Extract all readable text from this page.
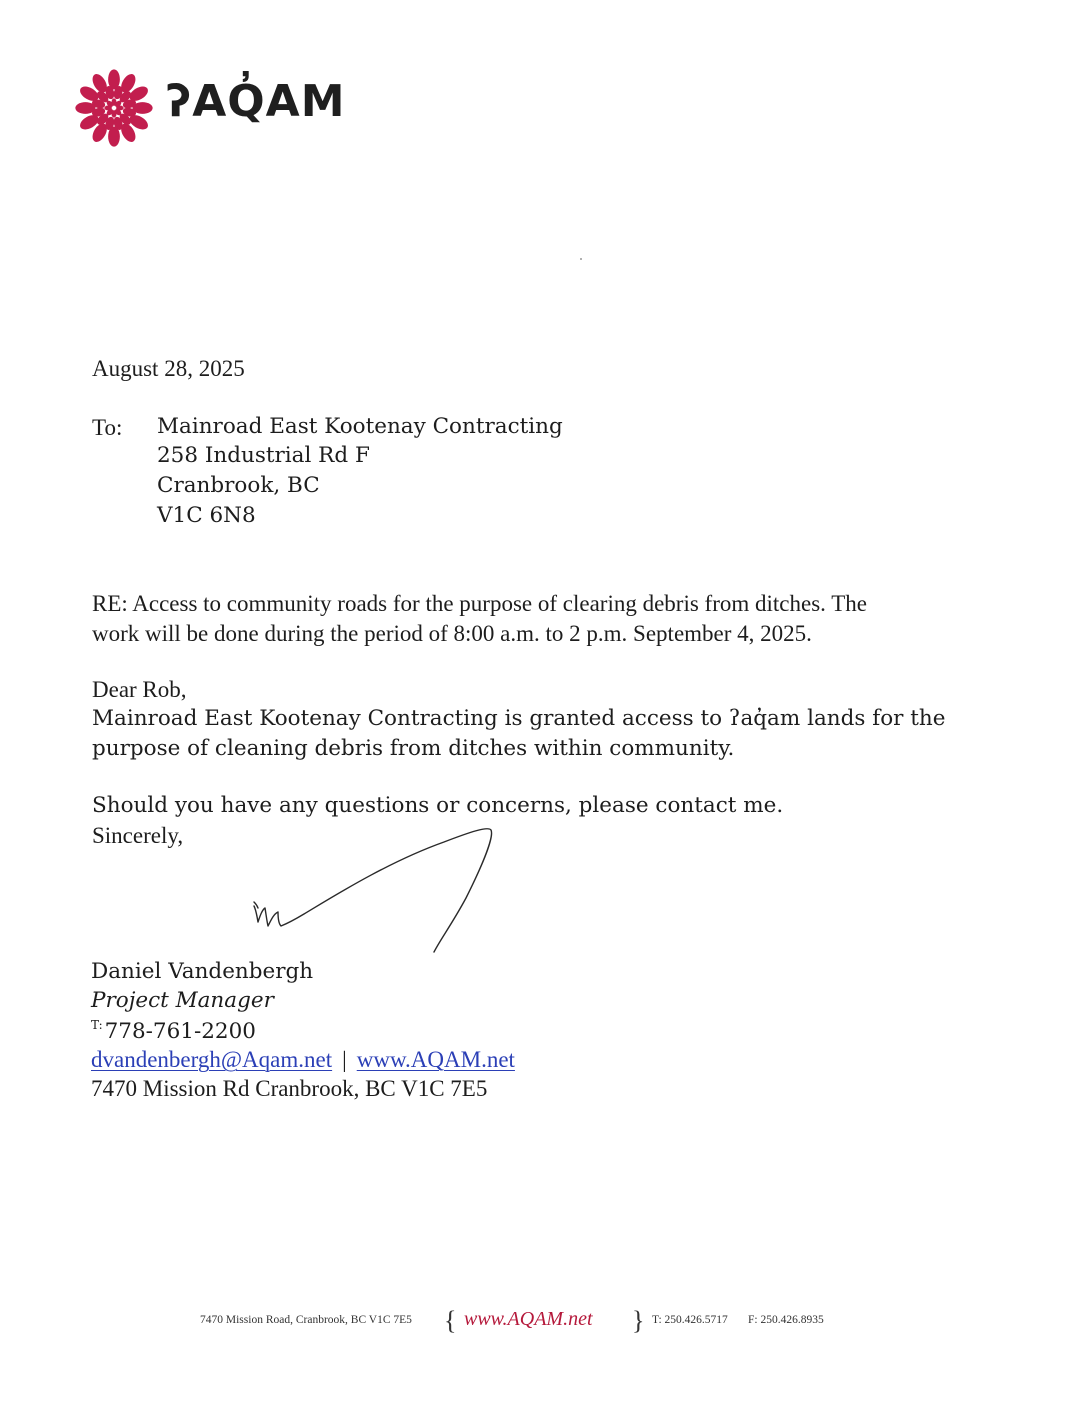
ʔAQ̓AM
August 28, 2025
To: Mainroad East Kootenay Contracting
258 Industrial Rd F
Cranbrook, BC
V1C 6N8
RE: Access to community roads for the purpose of clearing debris from ditches. The
work will be done during the period of 8:00 a.m. to 2 p.m. September 4, 2025.
Dear Rob,
Mainroad East Kootenay Contracting is granted access to ʔaq̓am lands for the
purpose of cleaning debris from ditches within community.
Should you have any questions or concerns, please contact me.
Sincerely,
Daniel Vandenbergh
Project Manager
$^{T:}$778-761-2200
dvandenbergh@Aqam.net | www.AQAM.net
7470 Mission Rd Cranbrook, BC V1C 7E5
7470 Mission Road, Cranbrook, BC V1C 7E5 { www.AQAM.net } T: 250.426.5717 F: 250.426.8935
